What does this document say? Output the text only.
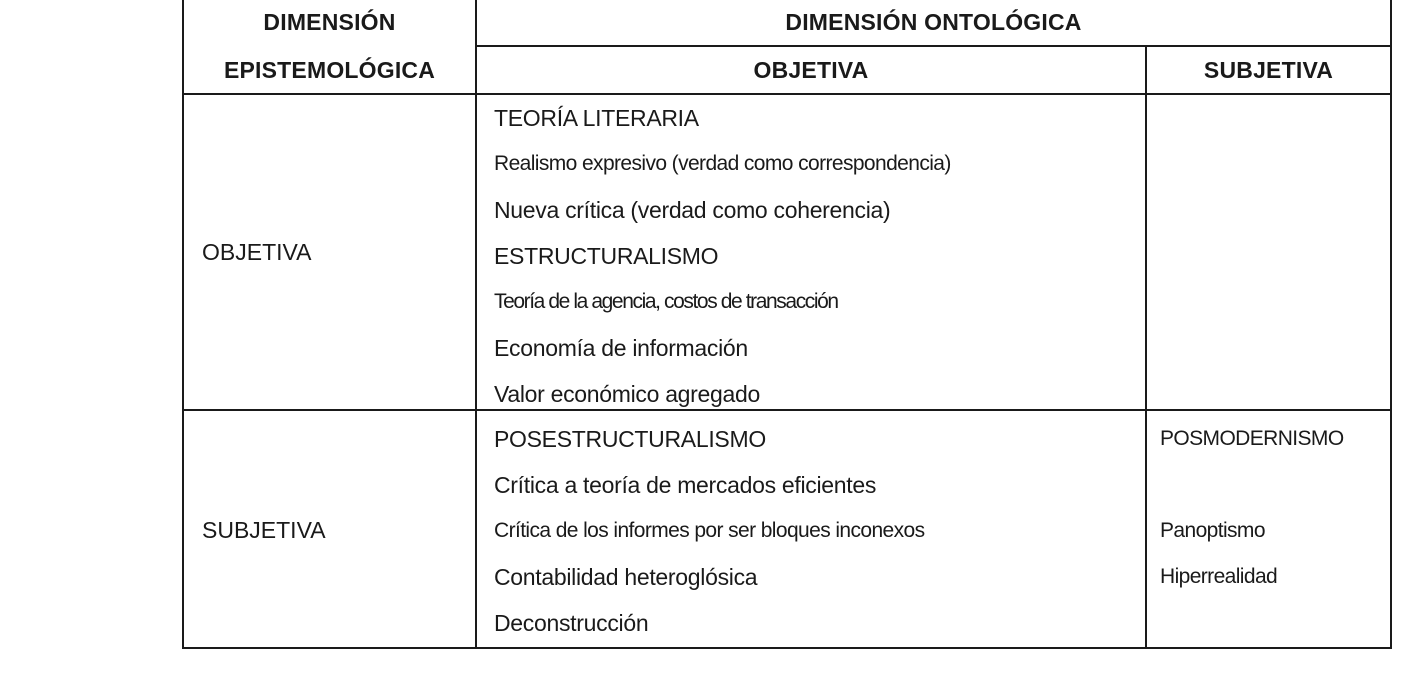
DIMENSIÓN
EPISTEMOLÓGICA
DIMENSIÓN ONTOLÓGICA
OBJETIVA	SUBJETIVA
OBJETIVA
SUBJETIVA
TEORÍA LITERARIA
Realismo expresivo (verdad como correspondencia)
Nueva crítica (verdad como coherencia)
ESTRUCTURALISMO
Teoría de la agencia, costos de transacción
Economía de información
Valor económico agregado
POSESTRUCTURALISMO
Crítica a teoría de mercados eficientes
Crítica de los informes por ser bloques inconexos
Contabilidad heteroglósica
Deconstrucción
POSMODERNISMO
Panoptismo
Hiperrealidad
